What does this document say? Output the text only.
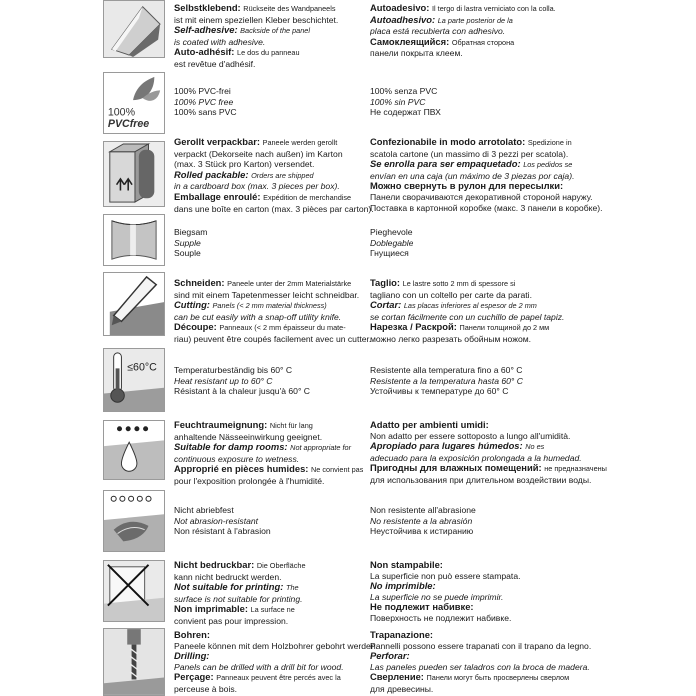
Selbstklebend: Rückseite des Wandpaneels
ist mit einem speziellen Kleber beschichtet.
Self-adhesive: Backside of the panel
is coated with adhesive.
Auto-adhésif: Le dos du panneau
est revêtue d'adhésif.
Autoadesivo: Il tergo di lastra verniciato con la colla.
Autoadhesivo: La parte posterior de la
placa está recubierta con adhesivo.
Самоклеящийся: Обратная сторона
панели покрыта клеем.
100%
PVCfree
100% PVC-frei
100% PVC free
100% sans PVC
100% senza PVC
100% sin PVC
Не содержат ПВХ
Gerollt verpackbar: Paneele werden gerollt
verpackt (Dekorseite nach außen) im Karton
(max. 3 Stück pro Karton) versendet.
Rolled packable: Orders are shipped
in a cardboard box (max. 3 pieces per box).
Emballage enroulé: Expédition de merchandise
dans une boîte en carton (max. 3 pièces par carton).
Confezionabile in modo arrotolato: Spedizione in
scatola cartone (un massimo di 3 pezzi per scatola).
Se enrolla para ser empaquetado: Los pedidos se
envían en una caja (un máximo de 3 piezas por caja).
Можно свернуть в рулон для пересылки:
Панели сворачиваются декоративной стороной наружу.
Поставка в картонной коробке (макс. 3 панели в коробке).
Biegsam
Supple
Souple
Pieghevole
Doblegable
Гнущиеся
Schneiden: Paneele unter der 2mm Materialstärke
sind mit einem Tapetenmesser leicht schneidbar.
Cutting: Panels (< 2 mm material thickness)
can be cut easily with a snap-off utility knife.
Découpe: Panneaux (< 2 mm épaisseur du mate-
riau) peuvent être coupés facilement avec un cutter.
Taglio: Le lastre sotto 2 mm di spessore si
tagliano con un coltello per carte da parati.
Cortar: Las placas inferiores al espesor de 2 mm
se cortan fácilmente con un cuchillo de papel tapiz.
Нарезка / Раскрой: Панели толщиной до 2 мм
можно легко разрезать обойным ножом.
≤60°C Temperaturbeständig bis 60° C
Heat resistant up to 60° C
Résistant à la chaleur jusqu'à 60° C
Resistente alla temperatura fino a 60° C
Resistente a la temperatura hasta 60° C
Устойчивы к температуре до 60° C
Feuchtraumeignung: Nicht für lang
anhaltende Nässeeinwirkung geeignet.
Suitable for damp rooms: Not appropriate for
continuous exposure to wetness.
Approprié en pièces humides: Ne convient pas
pour l'exposition prolongée à l'humidité.
Adatto per ambienti umidi:
Non adatto per essere sottoposto a lungo all'umidità.
Apropiado para lugares húmedos: No es
adecuado para la exposición prolongada a la humedad.
Пригодны для влажных помещений: не предназначены
для использования при длительном воздействии воды.
Nicht abriebfest
Not abrasion-resistant
Non résistant à l'abrasion
Non resistente all'abrasione
No resistente a la abrasión
Неустойчива к истиранию
Nicht bedruckbar: Die Oberfläche
kann nicht bedruckt werden.
Not suitable for printing: The
surface is not suitable for printing.
Non imprimable: La surface ne
convient pas pour impression.
Non stampabile:
La superficie non può essere stampata.
No imprimible:
La superficie no se puede imprimir.
Не подлежит набивке:
Поверхность не подлежит набивке.
Bohren:
Paneele können mit dem Holzbohrer gebohrt werden.
Drilling:
Panels can be drilled with a drill bit for wood.
Perçage: Panneaux peuvent être percés avec la
perceuse à bois.
Trapanazione:
Pannelli possono essere trapanati con il trapano da legno.
Perforar:
Las paneles pueden ser taladros con la broca de madera.
Сверление: Панели могут быть просверлены сверлом
для древесины.
